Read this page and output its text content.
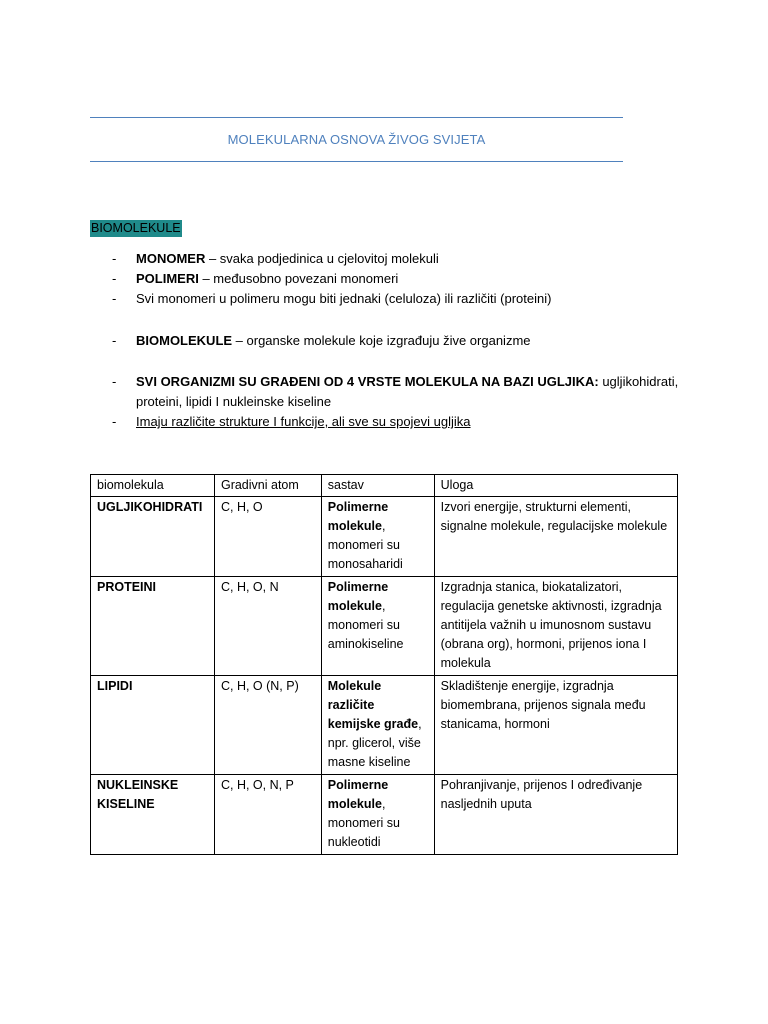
MOLEKULARNA OSNOVA ŽIVOG SVIJETA
BIOMOLEKULE
- MONOMER – svaka podjedinica u cjelovitoj molekuli
- POLIMERI – međusobno povezani monomeri
- Svi monomeri u polimeru mogu biti jednaki (celuloza) ili različiti (proteini)
- BIOMOLEKULE – organske molekule koje izgrađuju žive organizme
- SVI ORGANIZMI SU GRAĐENI OD 4 VRSTE MOLEKULA NA BAZI UGLJIKA: ugljikohidrati,
proteini, lipidi I nukleinske kiseline
- Imaju različite strukture I funkcije, ali sve su spojevi ugljika
biomolekula	Gradivni atom	sastav	Uloga
UGLJIKOHIDRATI	C, H, O	Polimerne molekule, monomeri su monosaharidi	Izvori energije, strukturni elementi, signalne molekule, regulacijske molekule
PROTEINI	C, H, O, N	Polimerne molekule, monomeri su aminokiseline	Izgradnja stanica, biokatalizatori, regulacija genetske aktivnosti, izgradnja antitijela važnih u imunosnom sustavu (obrana org), hormoni, prijenos iona I molekula
LIPIDI	C, H, O (N, P)	Molekule različite kemijske građe, npr. glicerol, više masne kiseline	Skladištenje energije, izgradnja biomembrana, prijenos signala među stanicama, hormoni
NUKLEINSKE KISELINE	C, H, O, N, P	Polimerne molekule, monomeri su nukleotidi	Pohranjivanje, prijenos I određivanje nasljednih uputa
